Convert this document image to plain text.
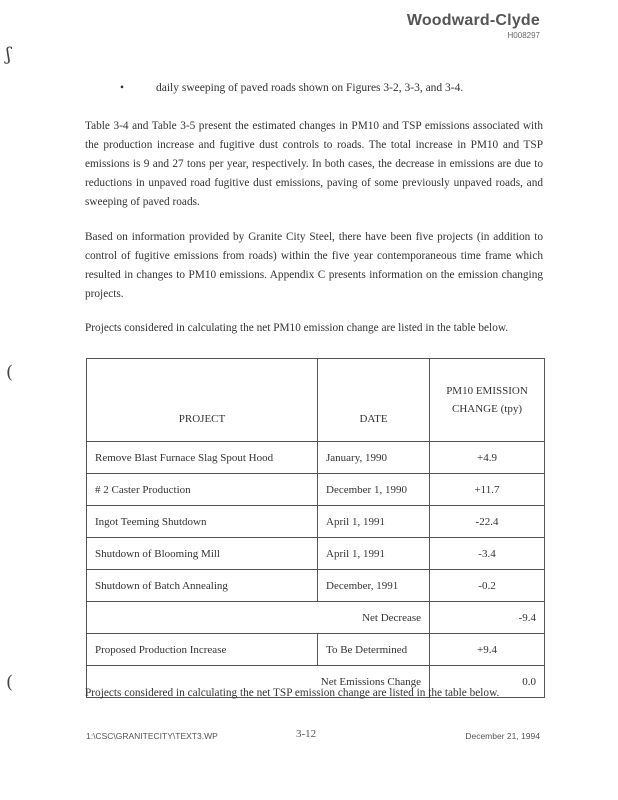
Woodward-Clyde
H008297
ʃ
(
(
•	daily sweeping of paved roads shown on Figures 3-2, 3-3, and 3-4.

Table 3-4 and Table 3-5 present the estimated changes in PM10 and TSP emissions associated with the production increase and fugitive dust controls to roads. The total increase in PM10 and TSP emissions is 9 and 27 tons per year, respectively. In both cases, the decrease in emissions are due to reductions in unpaved road fugitive dust emissions, paving of some previously unpaved roads, and sweeping of paved roads.

Based on information provided by Granite City Steel, there have been five projects (in addition to control of fugitive emissions from roads) within the five year contemporaneous time frame which resulted in changes to PM10 emissions. Appendix C presents information on the emission changing projects.

Projects considered in calculating the net PM10 emission change are listed in the table below.

PROJECT	DATE	PM10 EMISSION
CHANGE (tpy)
Remove Blast Furnace Slag Spout Hood	January, 1990	+4.9
# 2 Caster Production	December 1, 1990	+11.7
Ingot Teeming Shutdown	April 1, 1991	-22.4
Shutdown of Blooming Mill	April 1, 1991	-3.4
Shutdown of Batch Annealing	December, 1991	-0.2
Net Decrease		-9.4
Proposed Production Increase	To Be Determined	+9.4
Net Emissions Change		0.0

Projects considered in calculating the net TSP emission change are listed in the table below.

1:\CSC\GRANITECITY\TEXT3.WP	3-12	December 21, 1994
